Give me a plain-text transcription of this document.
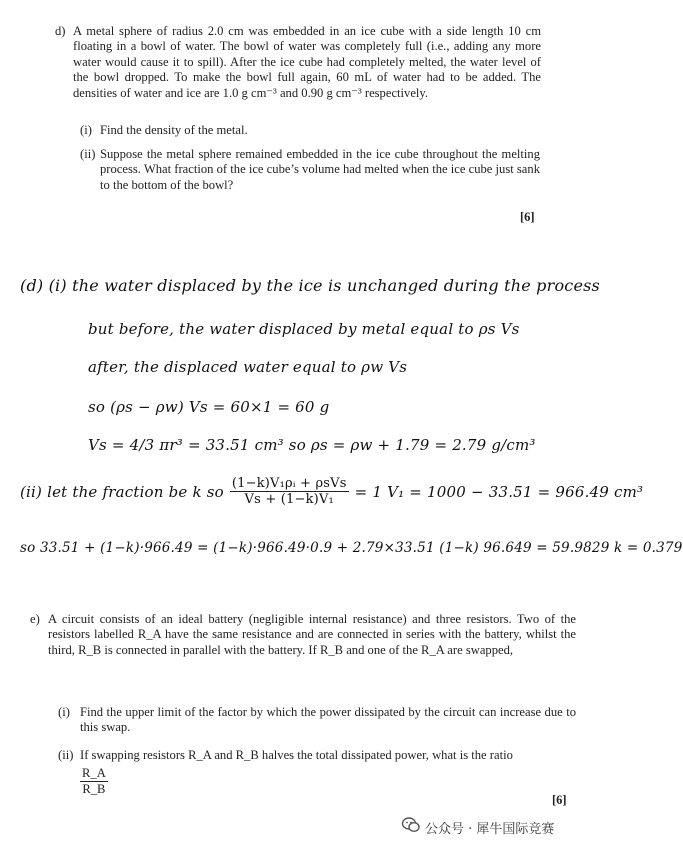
d) A metal sphere of radius 2.0 cm was embedded in an ice cube with a side length 10 cm floating in a bowl of water. The bowl of water was completely full (i.e., adding any more water would cause it to spill). After the ice cube had completely melted, the water level of the bowl dropped. To make the bowl full again, 60 mL of water had to be added. The densities of water and ice are 1.0 g cm⁻³ and 0.90 g cm⁻³ respectively.
(i) Find the density of the metal.
(ii) Suppose the metal sphere remained embedded in the ice cube throughout the melting process. What fraction of the ice cube’s volume had melted when the ice cube just sank to the bottom of the bowl?
[6]
(d) (i) the water displaced by the ice is unchanged during the process
but before, the water displaced by metal equal to ρs Vs
after, the displaced water equal to ρw Vs
so (ρs − ρw) Vs = 60×1 = 60 g
Vs = 4/3 πr³ = 33.51 cm³ so ρs = ρw + 1.79 = 2.79 g/cm³
(ii) let the fraction be k so $\frac{\text{(1−k)V₁ρᵢ + ρsVs}}{\text{Vs + (1−k)V₁}} = 1$ V₁ = 1000 − 33.51 = 966.49 cm³
so 33.51 + (1−k)·966.49 = (1−k)·966.49·0.9 + 2.79×33.51 (1−k) 96.649 = 59.9829 k = 0.379
e) A circuit consists of an ideal battery (negligible internal resistance) and three resistors. Two of the resistors labelled R_A have the same resistance and are connected in series with the battery, whilst the third, R_B is connected in parallel with the battery. If R_B and one of the R_A are swapped,
(i) Find the upper limit of the factor by which the power dissipated by the circuit can increase due to this swap.
(ii) If swapping resistors R_A and R_B halves the total dissipated power, what is the ratio
$\frac{R\_A}{R\_B}$
[6]
公众号 · 犀牛国际竞赛
